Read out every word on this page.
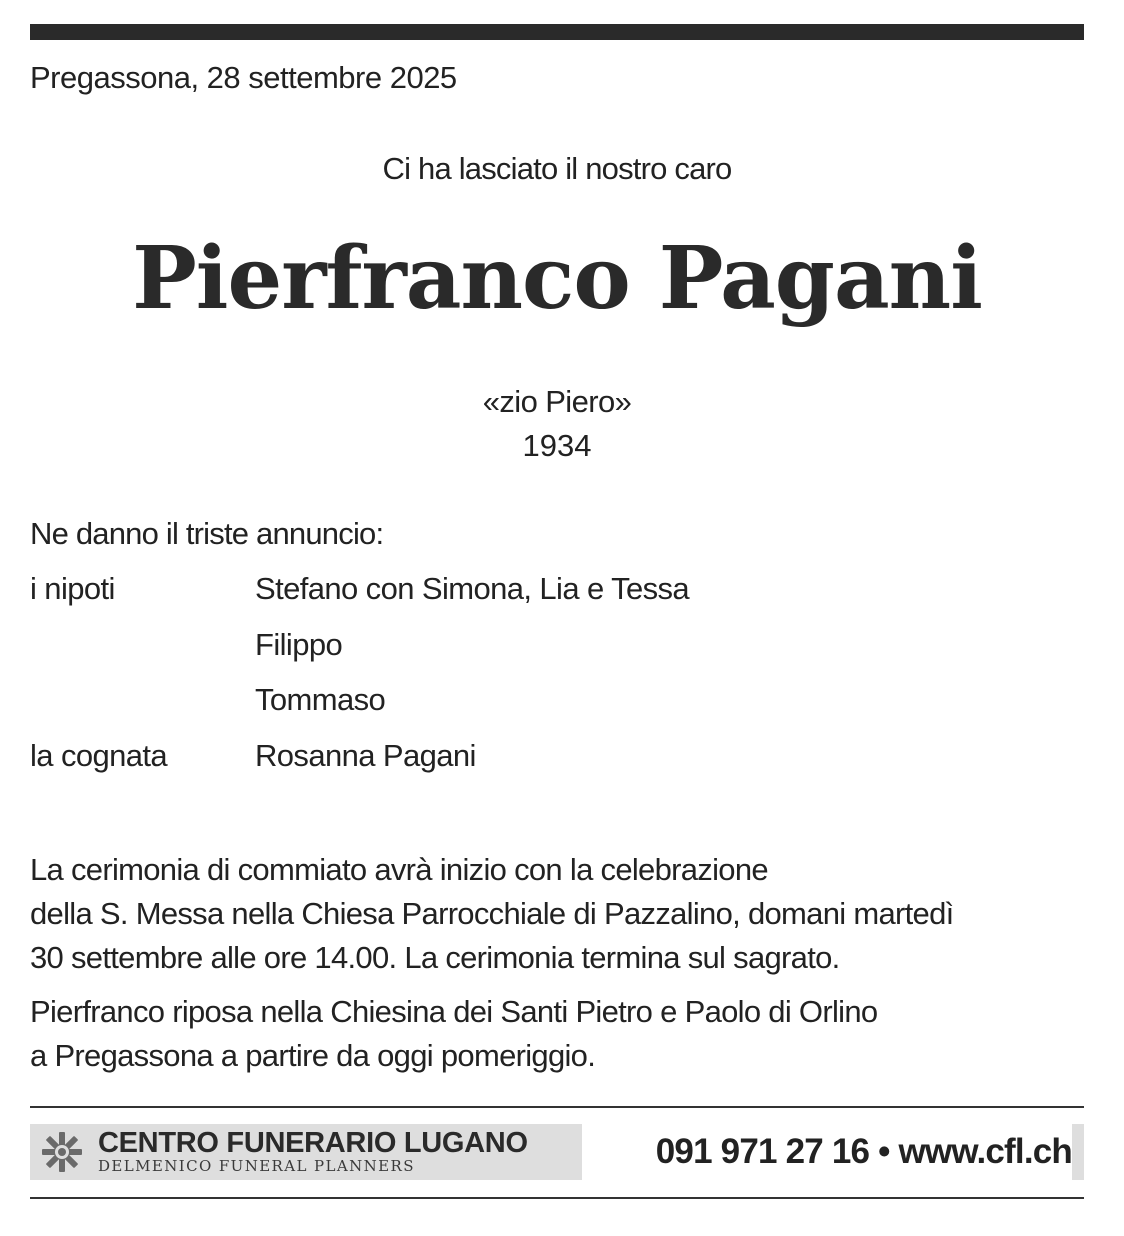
Pregassona, 28 settembre 2025
Ci ha lasciato il nostro caro
Pierfranco Pagani
«zio Piero»
1934
Ne danno il triste annuncio:
i nipoti	Stefano con Simona, Lia e Tessa
Filippo
Tommaso
la cognata	Rosanna Pagani

La cerimonia di commiato avrà inizio con la celebrazione

della S. Messa nella Chiesa Parrocchiale di Pazzalino, domani martedì

30 settembre alle ore 14.00. La cerimonia termina sul sagrato.

Pierfranco riposa nella Chiesina dei Santi Pietro e Paolo di Orlino

a Pregassona a partire da oggi pomeriggio.

CENTRO FUNERARIO LUGANO
DELMENICO FUNERAL PLANNERS	091 971 27 16 • www.cfl.ch
